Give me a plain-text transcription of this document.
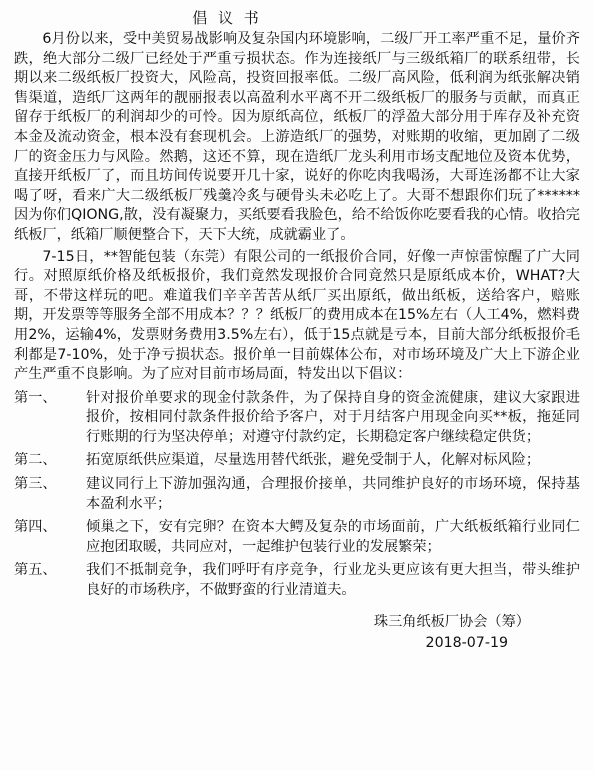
倡 议 书

6月份以来，受中美贸易战影响及复杂国内环境影响，二级厂开工率严重不足，量价齐跌，绝大部分二级厂已经处于严重亏损状态。作为连接纸厂与三级纸箱厂的联系纽带，长期以来二级纸板厂投资大，风险高，投资回报率低。二级厂高风险，低利润为纸张解决销售渠道，造纸厂这两年的靓丽报表以高盈利水平离不开二级纸板厂的服务与贡献，而真正留存于纸板厂的利润却少的可怜。因为原纸高位，纸板厂的浮盈大部分用于库存及补充资本金及流动资金，根本没有套现机会。上游造纸厂的强势，对账期的收缩，更加剧了二级厂的资金压力与风险。然鹅，这还不算，现在造纸厂龙头利用市场支配地位及资本优势，直接开纸板厂了，而且坊间传说要开几十家，说好的你吃肉我喝汤，大哥连汤都不让大家喝了呀，看来广大二级纸板厂残羹冷炙与硬骨头未必吃上了。大哥不想跟你们玩了******因为你们QIONG,散，没有凝聚力，买纸要看我脸色，给不给饭你吃要看我的心情。收拾完纸板厂，纸箱厂顺便整合下，天下大统，成就霸业了。

7-15日，**智能包装（东莞）有限公司的一纸报价合同，好像一声惊雷惊醒了广大同行。对照原纸价格及纸板报价，我们竟然发现报价合同竟然只是原纸成本价，WHAT?大哥，不带这样玩的吧。难道我们辛辛苦苦从纸厂买出原纸，做出纸板，送给客户，赔账期，开发票等等服务全部不用成本？？？纸板厂的费用成本在15%左右（人工4%，燃料费用2%，运输4%，发票财务费用3.5%左右），低于15点就是亏本，目前大部分纸板报价毛利都是7-10%，处于净亏损状态。报价单一目前媒体公布，对市场环境及广大上下游企业产生严重不良影响。为了应对目前市场局面，特发出以下倡议：

第一、	针对报价单要求的现金付款条件，为了保持自身的资金流健康，建议大家跟进报价，按相同付款条件报价给予客户，对于月结客户用现金向买**板，拖延同行账期的行为坚决停单；对遵守付款约定，长期稳定客户继续稳定供货；
第二、	拓宽原纸供应渠道，尽量选用替代纸张，避免受制于人，化解对标风险；
第三、	建议同行上下游加强沟通，合理报价接单，共同维护良好的市场环境，保持基本盈利水平；
第四、	倾巢之下，安有完卵？在资本大鳄及复杂的市场面前，广大纸板纸箱行业同仁应抱团取暖，共同应对，一起维护包装行业的发展繁荣；
第五、	我们不抵制竞争，我们呼吁有序竞争，行业龙头更应该有更大担当，带头维护良好的市场秩序，不做野蛮的行业清道夫。
珠三角纸板厂协会（筹）
2018-07-19
